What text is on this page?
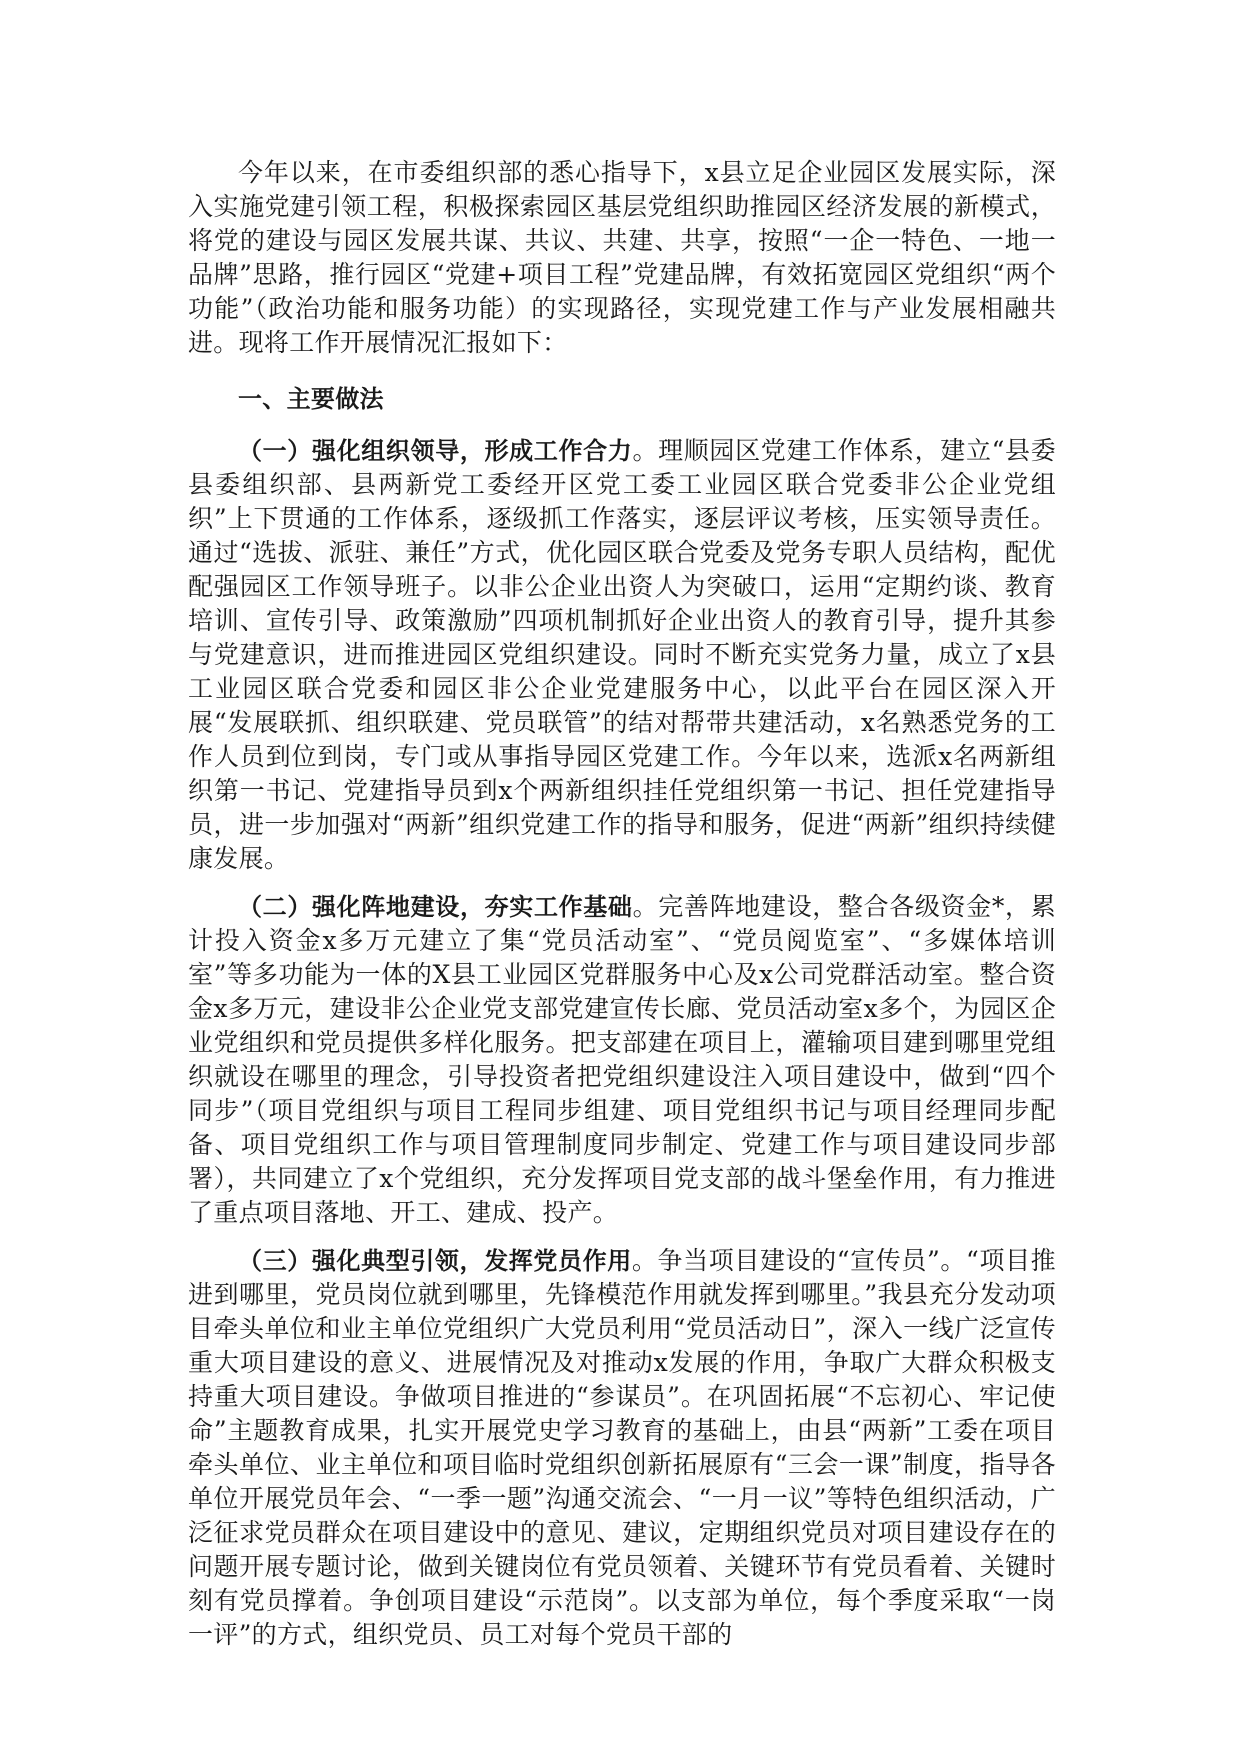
今年以来，在市委组织部的悉心指导下，x县立足企业园区发展实际，深入实施党建引领工程，积极探索园区基层党组织助推园区经济发展的新模式，将党的建设与园区发展共谋、共议、共建、共享，按照“一企一特色、一地一品牌”思路，推行园区“党建+项目工程”党建品牌，有效拓宽园区党组织“两个功能”（政治功能和服务功能）的实现路径，实现党建工作与产业发展相融共进。现将工作开展情况汇报如下：

一、主要做法

（一）强化组织领导，形成工作合力。理顺园区党建工作体系，建立“县委县委组织部、县两新党工委经开区党工委工业园区联合党委非公企业党组织”上下贯通的工作体系，逐级抓工作落实，逐层评议考核，压实领导责任。通过“选拔、派驻、兼任”方式，优化园区联合党委及党务专职人员结构，配优配强园区工作领导班子。以非公企业出资人为突破口，运用“定期约谈、教育培训、宣传引导、政策激励”四项机制抓好企业出资人的教育引导，提升其参与党建意识，进而推进园区党组织建设。同时不断充实党务力量，成立了x县工业园区联合党委和园区非公企业党建服务中心，以此平台在园区深入开展“发展联抓、组织联建、党员联管”的结对帮带共建活动，x名熟悉党务的工作人员到位到岗，专门或从事指导园区党建工作。今年以来，选派x名两新组织第一书记、党建指导员到x个两新组织挂任党组织第一书记、担任党建指导员，进一步加强对“两新”组织党建工作的指导和服务，促进“两新”组织持续健康发展。

（二）强化阵地建设，夯实工作基础。完善阵地建设，整合各级资金*，累计投入资金x多万元建立了集“党员活动室”、“党员阅览室”、“多媒体培训室”等多功能为一体的X县工业园区党群服务中心及x公司党群活动室。整合资金x多万元，建设非公企业党支部党建宣传长廊、党员活动室x多个，为园区企业党组织和党员提供多样化服务。把支部建在项目上，灌输项目建到哪里党组织就设在哪里的理念，引导投资者把党组织建设注入项目建设中，做到“四个同步”（项目党组织与项目工程同步组建、项目党组织书记与项目经理同步配备、项目党组织工作与项目管理制度同步制定、党建工作与项目建设同步部署），共同建立了x个党组织，充分发挥项目党支部的战斗堡垒作用，有力推进了重点项目落地、开工、建成、投产。

（三）强化典型引领，发挥党员作用。争当项目建设的“宣传员”。“项目推进到哪里，党员岗位就到哪里，先锋模范作用就发挥到哪里。”我县充分发动项目牵头单位和业主单位党组织广大党员利用“党员活动日”，深入一线广泛宣传重大项目建设的意义、进展情况及对推动x发展的作用，争取广大群众积极支持重大项目建设。争做项目推进的“参谋员”。在巩固拓展“不忘初心、牢记使命”主题教育成果，扎实开展党史学习教育的基础上，由县“两新”工委在项目牵头单位、业主单位和项目临时党组织创新拓展原有“三会一课”制度，指导各单位开展党员年会、“一季一题”沟通交流会、“一月一议”等特色组织活动，广泛征求党员群众在项目建设中的意见、建议，定期组织党员对项目建设存在的问题开展专题讨论，做到关键岗位有党员领着、关键环节有党员看着、关键时刻有党员撑着。争创项目建设“示范岗”。以支部为单位，每个季度采取“一岗一评”的方式，组织党员、员工对每个党员干部的
